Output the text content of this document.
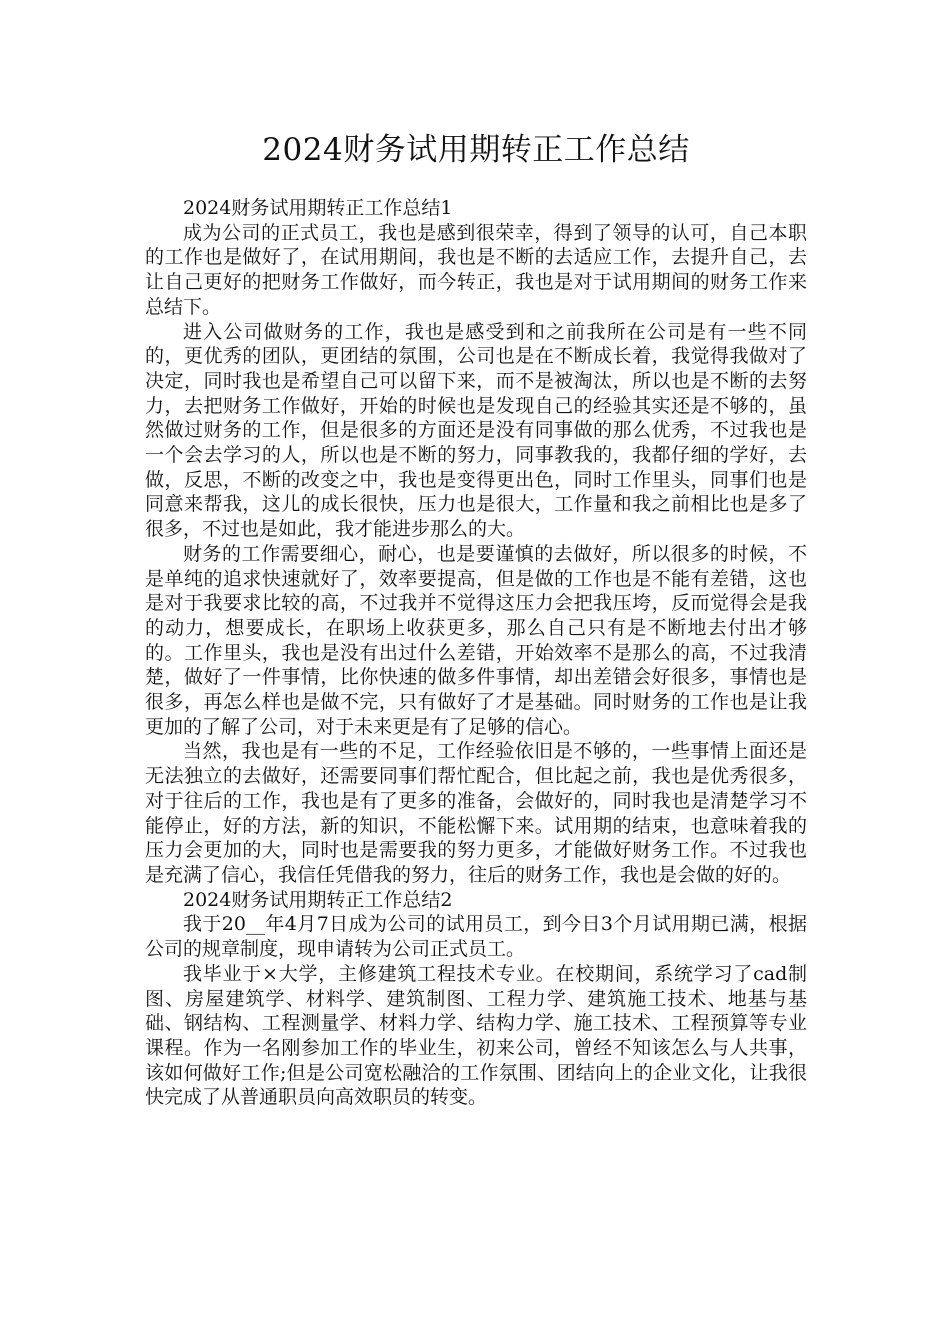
2024财务试用期转正工作总结

2024财务试用期转正工作总结1

成为公司的正式员工，我也是感到很荣幸，得到了领导的认可，自己本职的工作也是做好了，在试用期间，我也是不断的去适应工作，去提升自己，去让自己更好的把财务工作做好，而今转正，我也是对于试用期间的财务工作来总结下。

进入公司做财务的工作，我也是感受到和之前我所在公司是有一些不同的，更优秀的团队，更团结的氛围，公司也是在不断成长着，我觉得我做对了决定，同时我也是希望自己可以留下来，而不是被淘汰，所以也是不断的去努力，去把财务工作做好，开始的时候也是发现自己的经验其实还是不够的，虽然做过财务的工作，但是很多的方面还是没有同事做的那么优秀，不过我也是一个会去学习的人，所以也是不断的努力，同事教我的，我都仔细的学好，去做，反思，不断的改变之中，我也是变得更出色，同时工作里头，同事们也是同意来帮我，这儿的成长很快，压力也是很大，工作量和我之前相比也是多了很多，不过也是如此，我才能进步那么的大。

财务的工作需要细心，耐心，也是要谨慎的去做好，所以很多的时候，不是单纯的追求快速就好了，效率要提高，但是做的工作也是不能有差错，这也是对于我要求比较的高，不过我并不觉得这压力会把我压垮，反而觉得会是我的动力，想要成长，在职场上收获更多，那么自己只有是不断地去付出才够的。工作里头，我也是没有出过什么差错，开始效率不是那么的高，不过我清楚，做好了一件事情，比你快速的做多件事情，却出差错会好很多，事情也是很多，再怎么样也是做不完，只有做好了才是基础。同时财务的工作也是让我更加的了解了公司，对于未来更是有了足够的信心。

当然，我也是有一些的不足，工作经验依旧是不够的，一些事情上面还是无法独立的去做好，还需要同事们帮忙配合，但比起之前，我也是优秀很多，对于往后的工作，我也是有了更多的准备，会做好的，同时我也是清楚学习不能停止，好的方法，新的知识，不能松懈下来。试用期的结束，也意味着我的压力会更加的大，同时也是需要我的努力更多，才能做好财务工作。不过我也是充满了信心，我信任凭借我的努力，往后的财务工作，我也是会做的好的。

2024财务试用期转正工作总结2

我于20__年4月7日成为公司的试用员工，到今日3个月试用期已满，根据公司的规章制度，现申请转为公司正式员工。

我毕业于×大学，主修建筑工程技术专业。在校期间，系统学习了cad制图、房屋建筑学、材料学、建筑制图、工程力学、建筑施工技术、地基与基础、钢结构、工程测量学、材料力学、结构力学、施工技术、工程预算等专业课程。作为一名刚参加工作的毕业生，初来公司，曾经不知该怎么与人共事，该如何做好工作;但是公司宽松融洽的工作氛围、团结向上的企业文化，让我很快完成了从普通职员向高效职员的转变。
